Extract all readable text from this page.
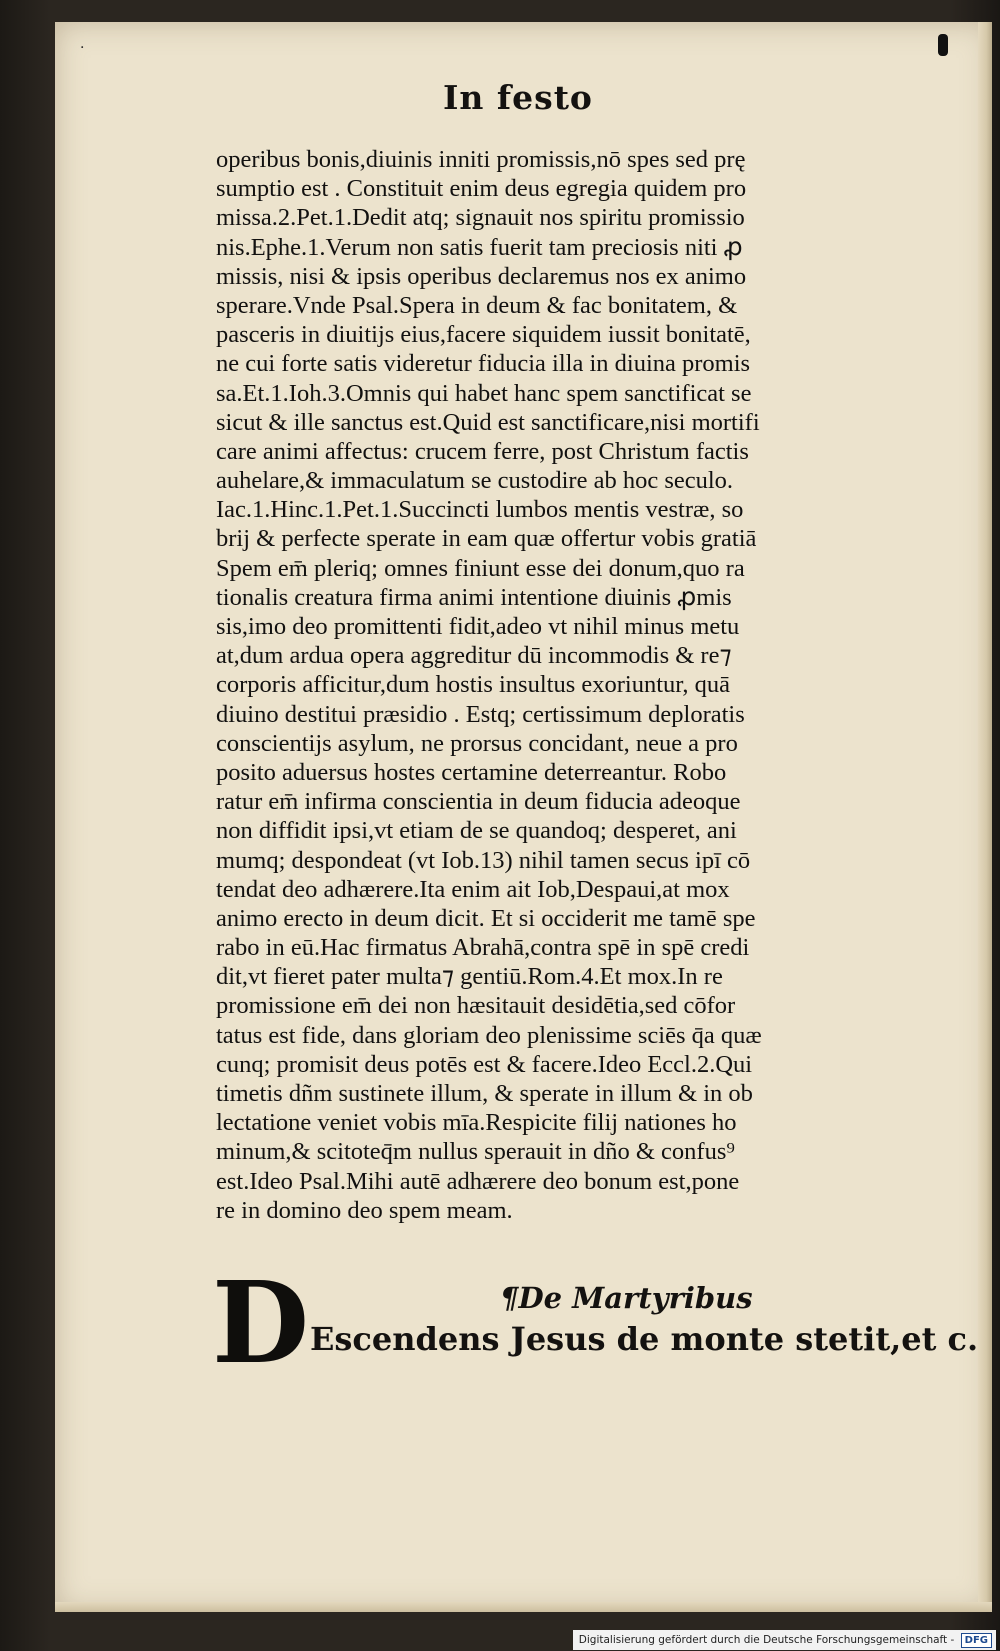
·
In festo
operibus bonis,diuinis inniti promissis,nō spes sed prę
sumptio est . Constituit enim deus egregia quidem pro
missa.2.Pet.1.Dedit atq; signauit nos spiritu promissio
nis.Ephe.1.Verum non satis fuerit tam preciosis niti ꝓ
missis, nisi & ipsis operibus declaremus nos ex animo
sperare.Vnde Psal.Spera in deum & fac bonitatem, &
pasceris in diuitijs eius,facere siquidem iussit bonitatē,
ne cui forte satis videretur fiducia illa in diuina promis
sa.Et.1.Ioh.3.Omnis qui habet hanc spem sanctificat se
sicut & ille sanctus est.Quid est sanctificare,nisi mortifi
care animi affectus: crucem ferre, post Christum factis
auhelare,& immaculatum se custodire ab hoc seculo.
Iac.1.Hinc.1.Pet.1.Succincti lumbos mentis vestræ, so
brij & perfecte sperate in eam quæ offertur vobis gratiā
Spem em̄ pleriq; omnes finiunt esse dei donum,quo ra
tionalis creatura firma animi intentione diuinis ꝓmis
sis,imo deo promittenti fidit,adeo vt nihil minus metu
at,dum ardua opera aggreditur dū incommodis & re⁊
corporis afficitur,dum hostis insultus exoriuntur, quā
diuino destitui præsidio . Estq; certissimum deploratis
conscientijs asylum, ne prorsus concidant, neue a pro
posito aduersus hostes certamine deterreantur. Robo
ratur em̄ infirma conscientia in deum fiducia adeoque
non diffidit ipsi,vt etiam de se quandoq; desperet, ani
mumq; despondeat (vt Iob.13) nihil tamen secus ipī cō
tendat deo adhærere.Ita enim ait Iob,Despaui,at mox
animo erecto in deum dicit. Et si occiderit me tamē spe
rabo in eū.Hac firmatus Abrahā,contra spē in spē credi
dit,vt fieret pater multa⁊ gentiū.Rom.4.Et mox.In re
promissione em̄ dei non hæsitauit desidētia,sed cōfor
tatus est fide, dans gloriam deo plenissime sciēs q̄a quæ
cunq; promisit deus potēs est & facere.Ideo Eccl.2.Qui
timetis dñm sustinete illum, & sperate in illum & in ob
lectatione veniet vobis mīa.Respicite filij nationes ho
minum,& scitoteq̄m nullus sperauit in dño & confus⁹
est.Ideo Psal.Mihi autē adhærere deo bonum est,pone
re in domino deo spem meam.
D	¶De Martyribus
Escendens Jesus de monte stetit,et c.
Digitalisierung gefördert durch die Deutsche Forschungsgemeinschaft - DFG
